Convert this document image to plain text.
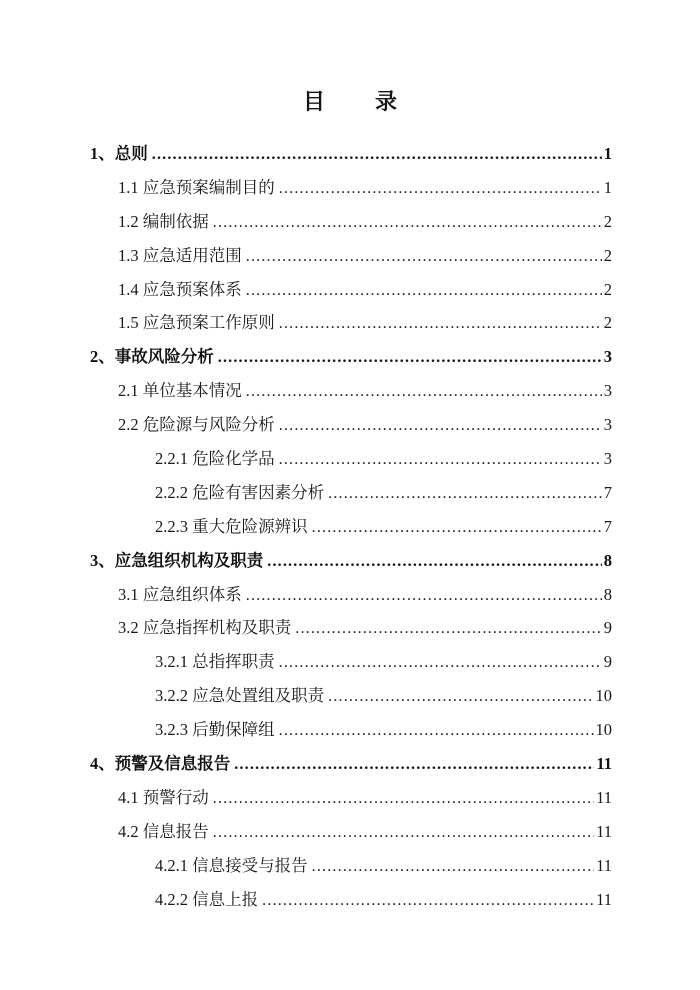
目　　录
1、总则 .....	1
1.1 应急预案编制目的 .....	1
1.2 编制依据 .....	2
1.3 应急适用范围 .....	2
1.4 应急预案体系 .....	2
1.5 应急预案工作原则 .....	2
2、事故风险分析 .....	3
2.1 单位基本情况 .....	3
2.2 危险源与风险分析 .....	3
2.2.1 危险化学品 .....	3
2.2.2 危险有害因素分析 .....	7
2.2.3 重大危险源辨识 .....	7
3、应急组织机构及职责 .....	8
3.1 应急组织体系 .....	8
3.2 应急指挥机构及职责 .....	9
3.2.1 总指挥职责 .....	9
3.2.2 应急处置组及职责 .....	10
3.2.3 后勤保障组 .....	10
4、预警及信息报告 .....	11
4.1 预警行动 .....	11
4.2 信息报告 .....	11
4.2.1 信息接受与报告 .....	11
4.2.2 信息上报 .....	11
